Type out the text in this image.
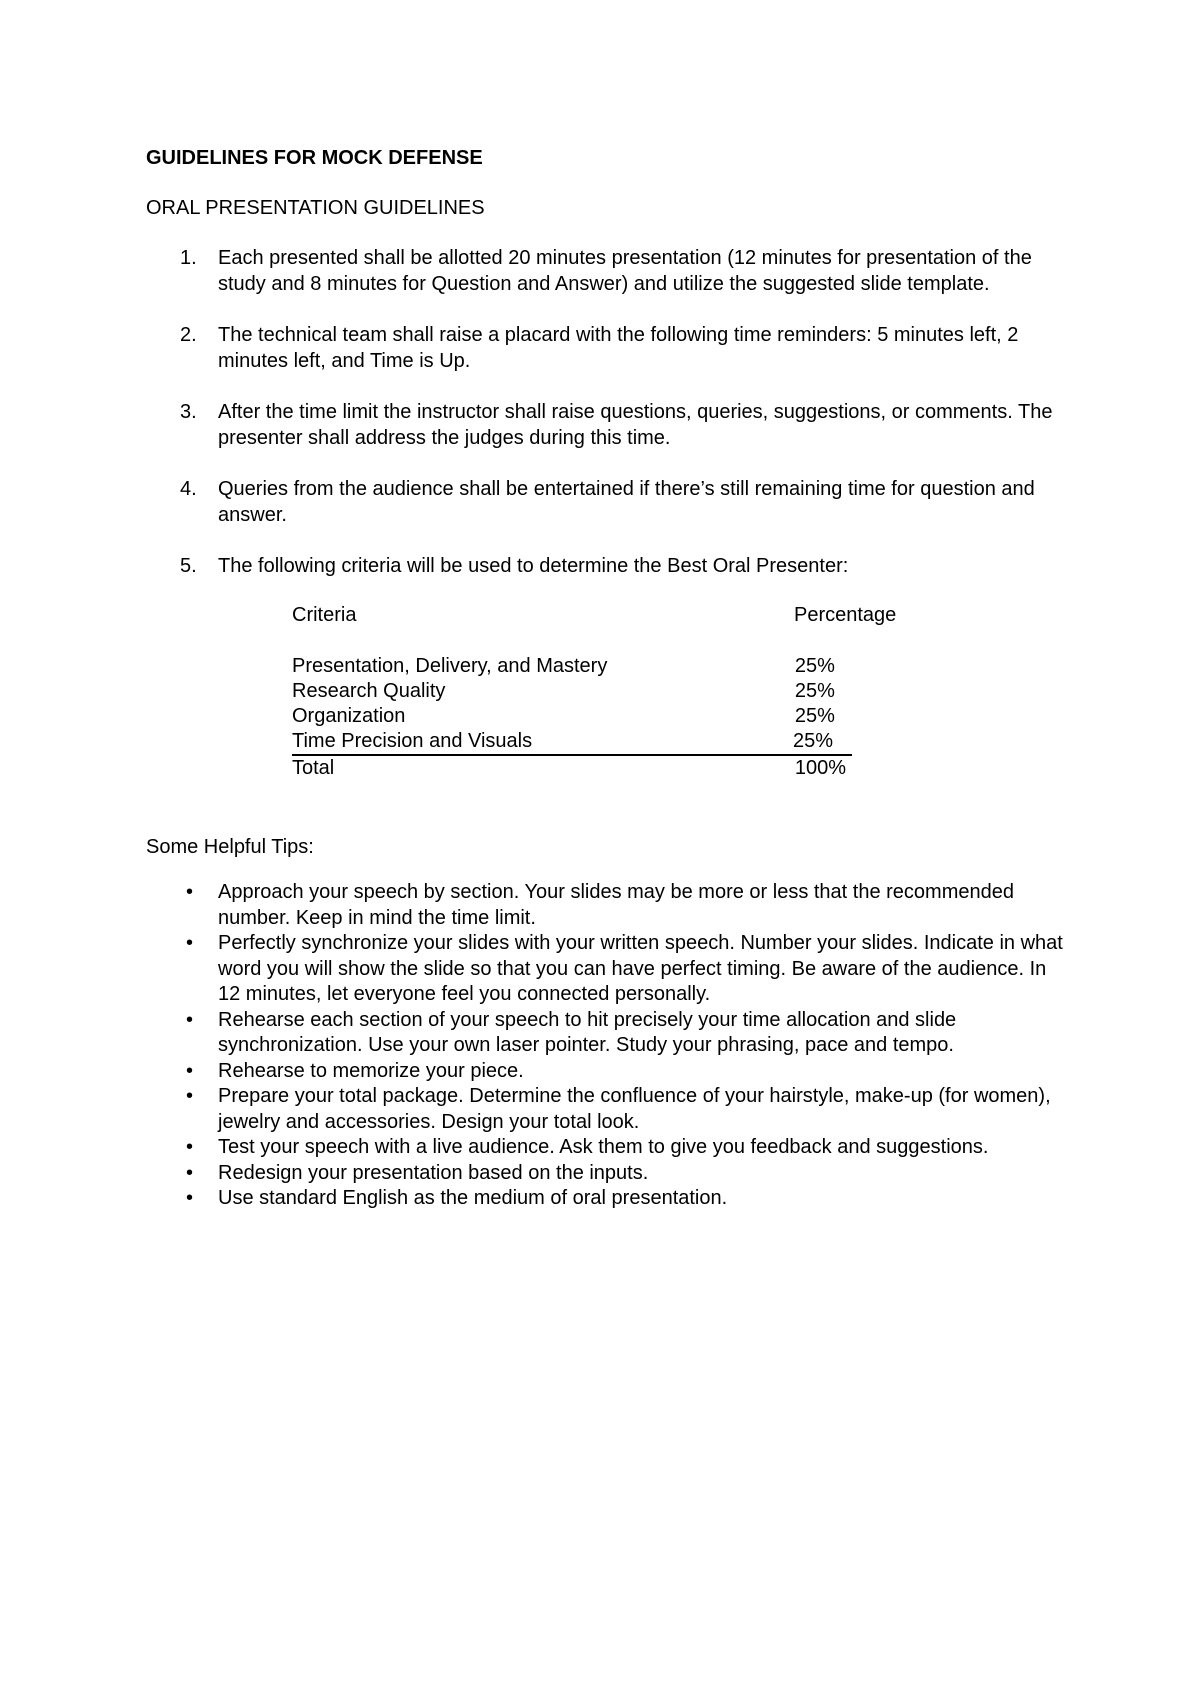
GUIDELINES FOR MOCK DEFENSE

ORAL PRESENTATION GUIDELINES

1.	Each presented shall be allotted 20 minutes presentation (12 minutes for presentation of the study and 8 minutes for Question and Answer) and utilize the suggested slide template.
2.	The technical team shall raise a placard with the following time reminders: 5 minutes left, 2 minutes left, and Time is Up.
3.	After the time limit the instructor shall raise questions, queries, suggestions, or comments. The presenter shall address the judges during this time.
4.	Queries from the audience shall be entertained if there’s still remaining time for question and answer.
5.	The following criteria will be used to determine the Best Oral Presenter:
Criteria	Percentage
Presentation, Delivery, and Mastery	25%
Research Quality	25%
Organization	25%
Time Precision and Visuals	25%
Total	100%

Some Helpful Tips:

• Approach your speech by section. Your slides may be more or less that the recommended number. Keep in mind the time limit.
• Perfectly synchronize your slides with your written speech. Number your slides. Indicate in what word you will show the slide so that you can have perfect timing. Be aware of the audience. In 12 minutes, let everyone feel you connected personally.
• Rehearse each section of your speech to hit precisely your time allocation and slide synchronization. Use your own laser pointer. Study your phrasing, pace and tempo.
• Rehearse to memorize your piece.
• Prepare your total package. Determine the confluence of your hairstyle, make-up (for women), jewelry and accessories. Design your total look.
• Test your speech with a live audience. Ask them to give you feedback and suggestions.
• Redesign your presentation based on the inputs.
• Use standard English as the medium of oral presentation.
